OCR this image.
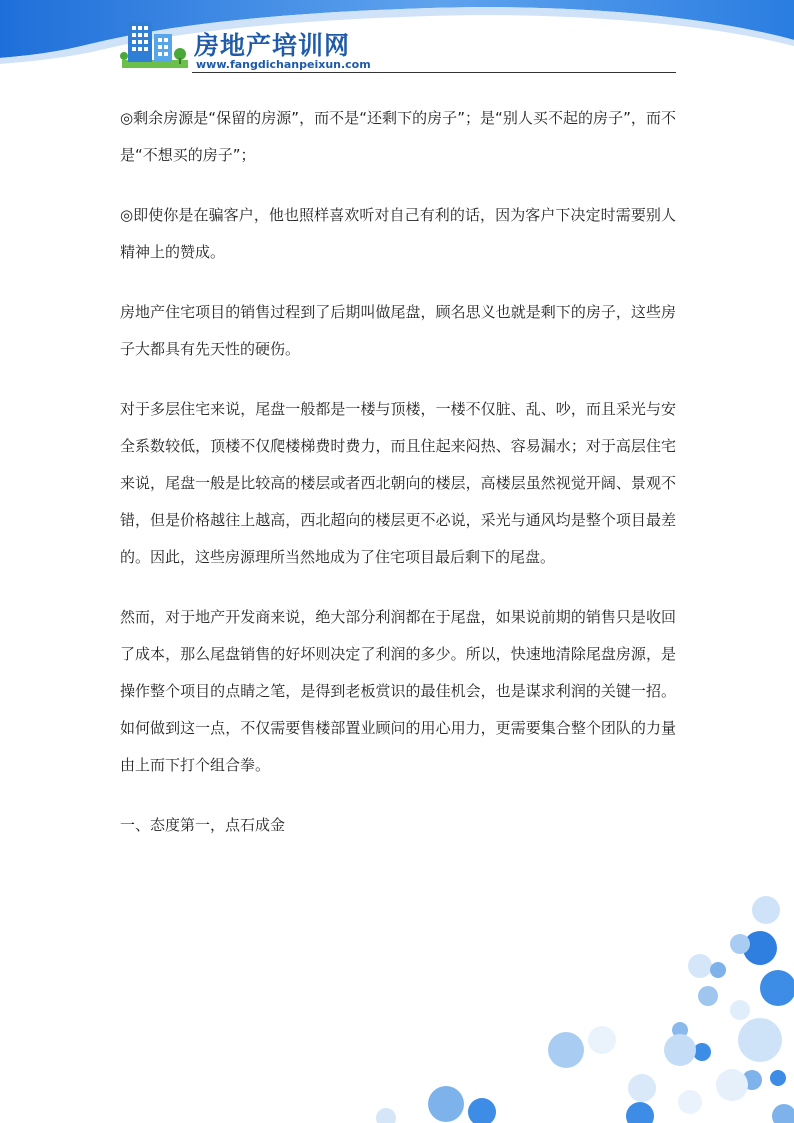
房地产培训网
www.fangdichanpeixun.com

◎剩余房源是“保留的房源”，而不是“还剩下的房子”；是“别人买不起的房子”，而不是“不想买的房子”；

◎即使你是在骗客户，他也照样喜欢听对自己有利的话，因为客户下决定时需要别人精神上的赞成。

房地产住宅项目的销售过程到了后期叫做尾盘，顾名思义也就是剩下的房子，这些房子大都具有先天性的硬伤。

对于多层住宅来说，尾盘一般都是一楼与顶楼，一楼不仅脏、乱、吵，而且采光与安全系数较低，顶楼不仅爬楼梯费时费力，而且住起来闷热、容易漏水；对于高层住宅来说，尾盘一般是比较高的楼层或者西北朝向的楼层，高楼层虽然视觉开阔、景观不错，但是价格越往上越高，西北超向的楼层更不必说，采光与通风均是整个项目最差的。因此，这些房源理所当然地成为了住宅项目最后剩下的尾盘。

然而，对于地产开发商来说，绝大部分利润都在于尾盘，如果说前期的销售只是收回了成本，那么尾盘销售的好坏则决定了利润的多少。所以，快速地清除尾盘房源，是操作整个项目的点睛之笔，是得到老板赏识的最佳机会，也是谋求利润的关键一招。如何做到这一点，不仅需要售楼部置业顾问的用心用力，更需要集合整个团队的力量由上而下打个组合拳。

一、态度第一，点石成金
